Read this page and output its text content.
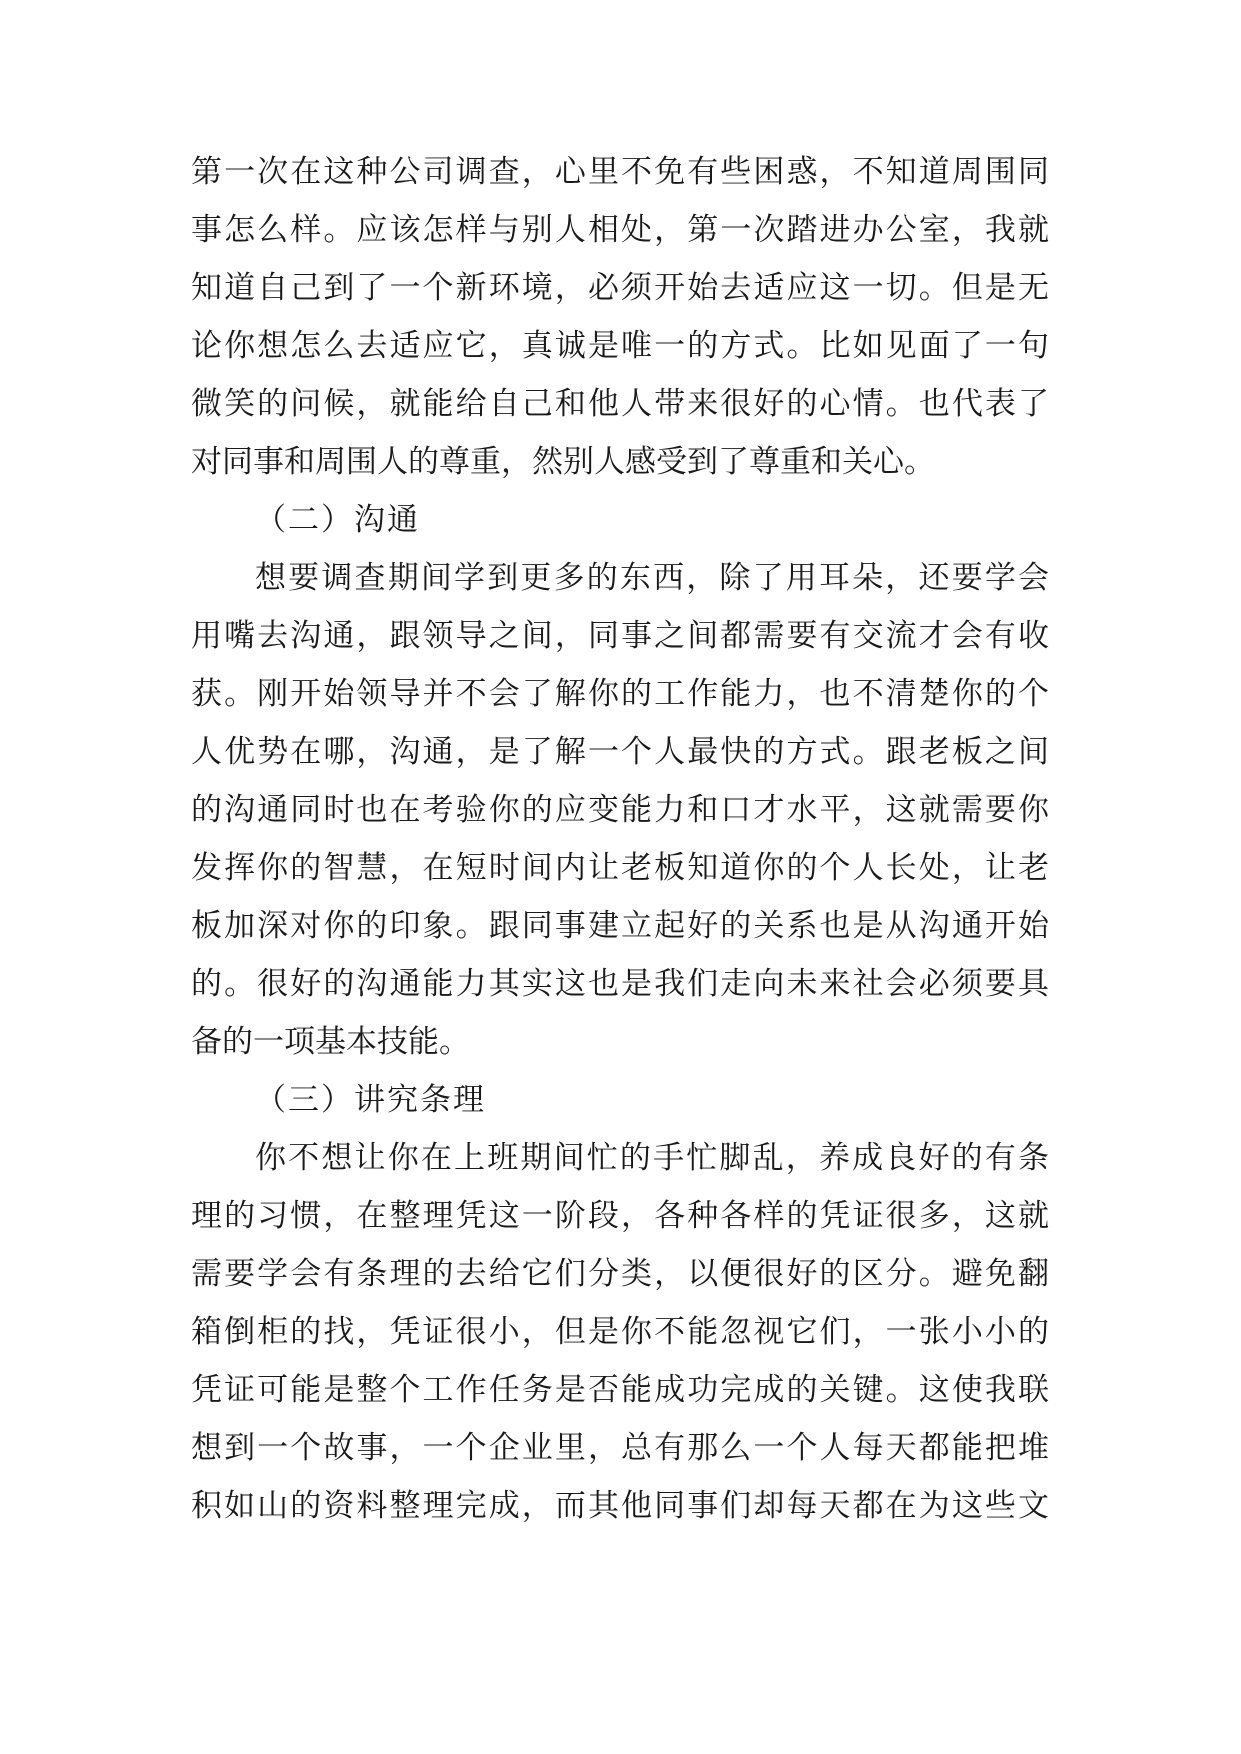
第一次在这种公司调查，心里不免有些困惑，不知道周围同
事怎么样。应该怎样与别人相处，第一次踏进办公室，我就
知道自己到了一个新环境，必须开始去适应这一切。但是无
论你想怎么去适应它，真诚是唯一的方式。比如见面了一句
微笑的问候，就能给自己和他人带来很好的心情。也代表了
对同事和周围人的尊重，然别人感受到了尊重和关心。
（二）沟通
想要调查期间学到更多的东西，除了用耳朵，还要学会
用嘴去沟通，跟领导之间，同事之间都需要有交流才会有收
获。刚开始领导并不会了解你的工作能力，也不清楚你的个
人优势在哪，沟通，是了解一个人最快的方式。跟老板之间
的沟通同时也在考验你的应变能力和口才水平，这就需要你
发挥你的智慧，在短时间内让老板知道你的个人长处，让老
板加深对你的印象。跟同事建立起好的关系也是从沟通开始
的。很好的沟通能力其实这也是我们走向未来社会必须要具
备的一项基本技能。
（三）讲究条理
你不想让你在上班期间忙的手忙脚乱，养成良好的有条
理的习惯，在整理凭这一阶段，各种各样的凭证很多，这就
需要学会有条理的去给它们分类，以便很好的区分。避免翻
箱倒柜的找，凭证很小，但是你不能忽视它们，一张小小的
凭证可能是整个工作任务是否能成功完成的关键。这使我联
想到一个故事，一个企业里，总有那么一个人每天都能把堆
积如山的资料整理完成，而其他同事们却每天都在为这些文
